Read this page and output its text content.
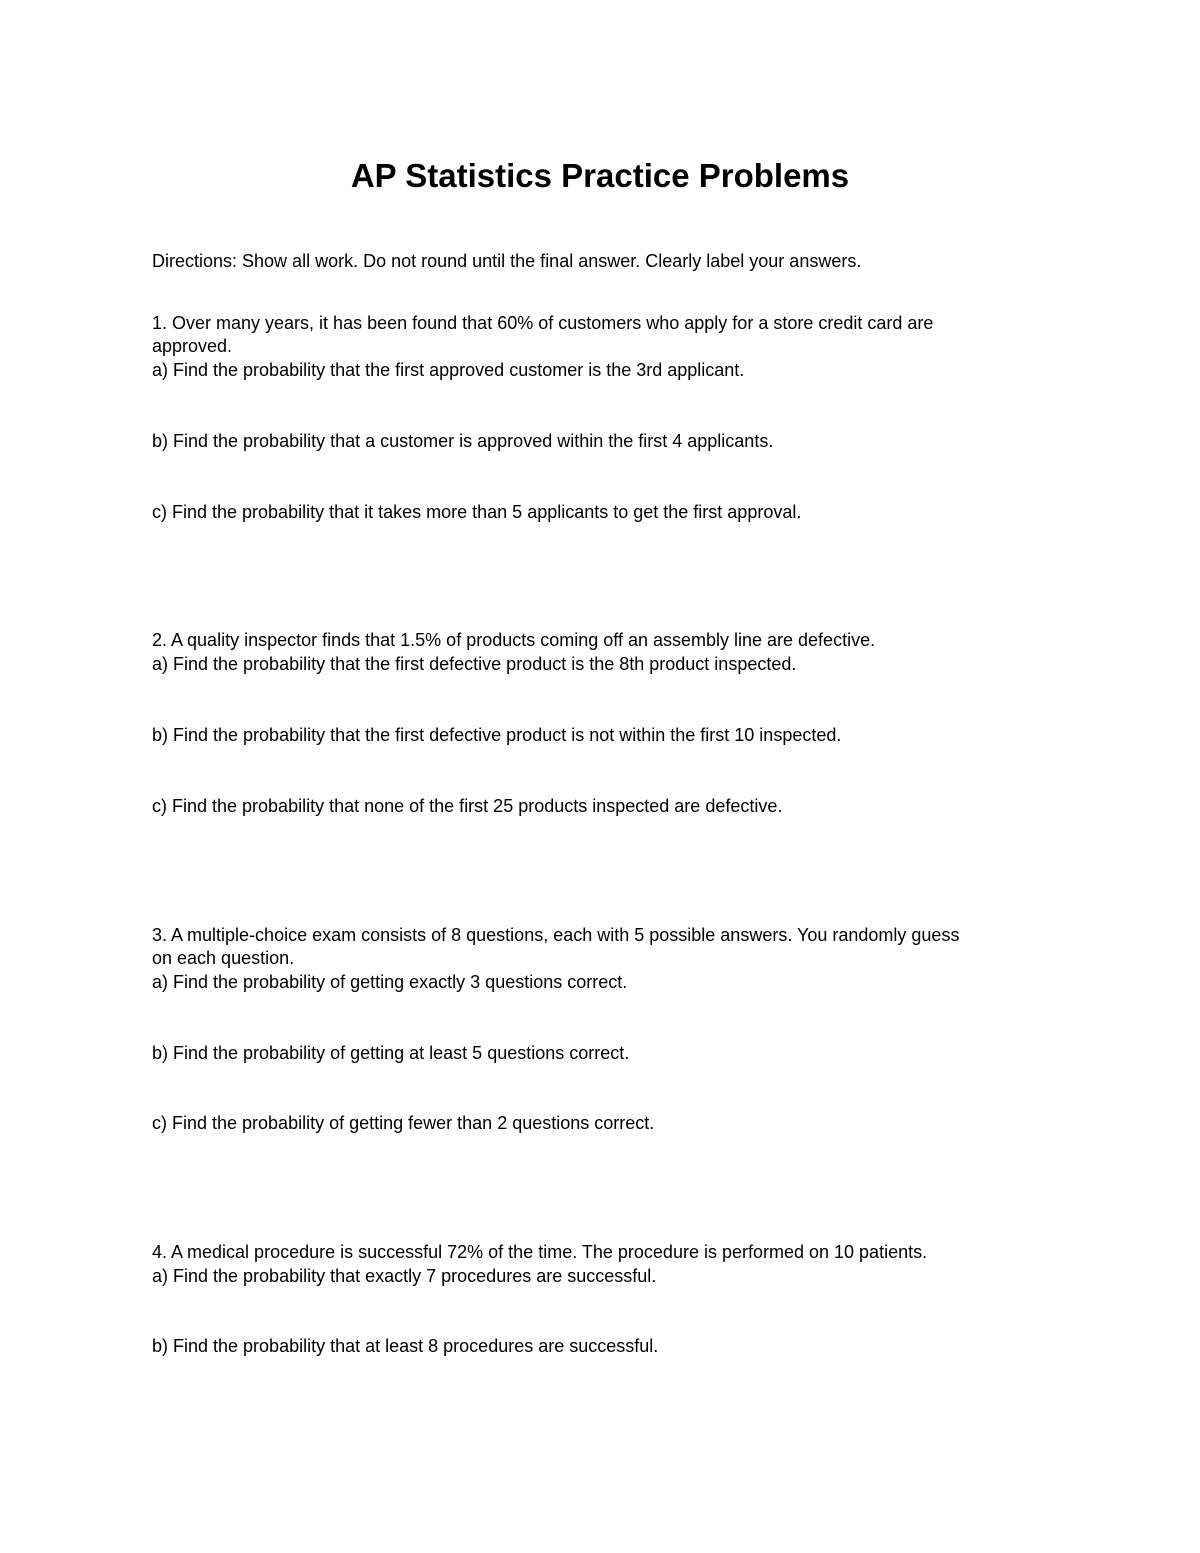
AP Statistics Practice Problems
Directions: Show all work. Do not round until the final answer. Clearly label your answers.
1. Over many years, it has been found that 60% of customers who apply for a store credit card are
approved.
a) Find the probability that the first approved customer is the 3rd applicant.
b) Find the probability that a customer is approved within the first 4 applicants.
c) Find the probability that it takes more than 5 applicants to get the first approval.
2. A quality inspector finds that 1.5% of products coming off an assembly line are defective.
a) Find the probability that the first defective product is the 8th product inspected.
b) Find the probability that the first defective product is not within the first 10 inspected.
c) Find the probability that none of the first 25 products inspected are defective.
3. A multiple-choice exam consists of 8 questions, each with 5 possible answers. You randomly guess
on each question.
a) Find the probability of getting exactly 3 questions correct.
b) Find the probability of getting at least 5 questions correct.
c) Find the probability of getting fewer than 2 questions correct.
4. A medical procedure is successful 72% of the time. The procedure is performed on 10 patients.
a) Find the probability that exactly 7 procedures are successful.
b) Find the probability that at least 8 procedures are successful.
